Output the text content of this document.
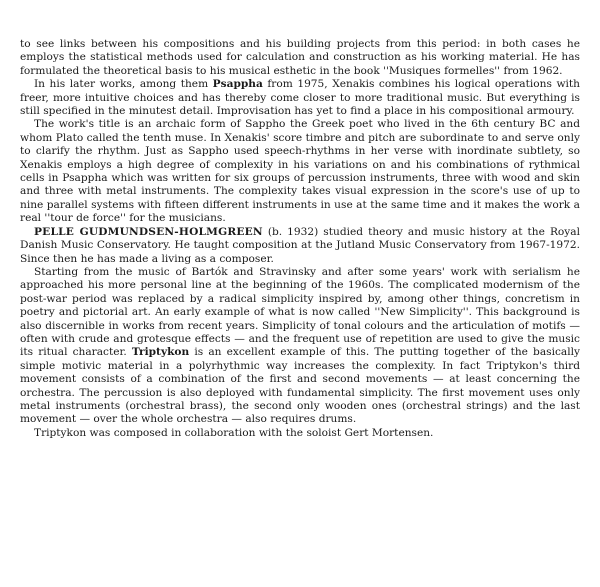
to see links between his compositions and his building projects from this period: in both cases he employs the statistical methods used for calculation and construction as his working material. He has formulated the theoretical basis to his musical esthetic in the book ''Musiques formelles'' from 1962.

In his later works, among them Psappha from 1975, Xenakis combines his logical operations with freer, more intuitive choices and has thereby come closer to more traditional music. But everything is still specified in the minutest detail. Improvisation has yet to find a place in his compositional armoury.

The work's title is an archaic form of Sappho the Greek poet who lived in the 6th century BC and whom Plato called the tenth muse. In Xenakis' score timbre and pitch are subordinate to and serve only to clarify the rhythm. Just as Sappho used speech-rhythms in her verse with inordinate subtlety, so Xenakis employs a high degree of complexity in his variations on and his combinations of rythmical cells in Psappha which was written for six groups of percussion instruments, three with wood and skin and three with metal instruments. The complexity takes visual expression in the score's use of up to nine parallel systems with fifteen different instruments in use at the same time and it makes the work a real ''tour de force'' for the musicians.

PELLE GUDMUNDSEN-HOLMGREEN (b. 1932) studied theory and music history at the Royal Danish Music Conservatory. He taught composition at the Jutland Music Conservatory from 1967-1972. Since then he has made a living as a composer.

Starting from the music of Bartók and Stravinsky and after some years' work with serialism he approached his more personal line at the beginning of the 1960s. The complicated modernism of the post-war period was replaced by a radical simplicity inspired by, among other things, concretism in poetry and pictorial art. An early example of what is now called ''New Simplicity''. This background is also discernible in works from recent years. Simplicity of tonal colours and the articulation of motifs — often with crude and grotesque effects — and the frequent use of repetition are used to give the music its ritual character. Triptykon is an excellent example of this. The putting together of the basically simple motivic material in a polyrhythmic way increases the complexity. In fact Triptykon's third movement consists of a combination of the first and second movements — at least concerning the orchestra. The percussion is also deployed with fundamental simplicity. The first movement uses only metal instruments (orchestral brass), the second only wooden ones (orchestral strings) and the last movement — over the whole orchestra — also requires drums.

Triptykon was composed in collaboration with the soloist Gert Mortensen.
